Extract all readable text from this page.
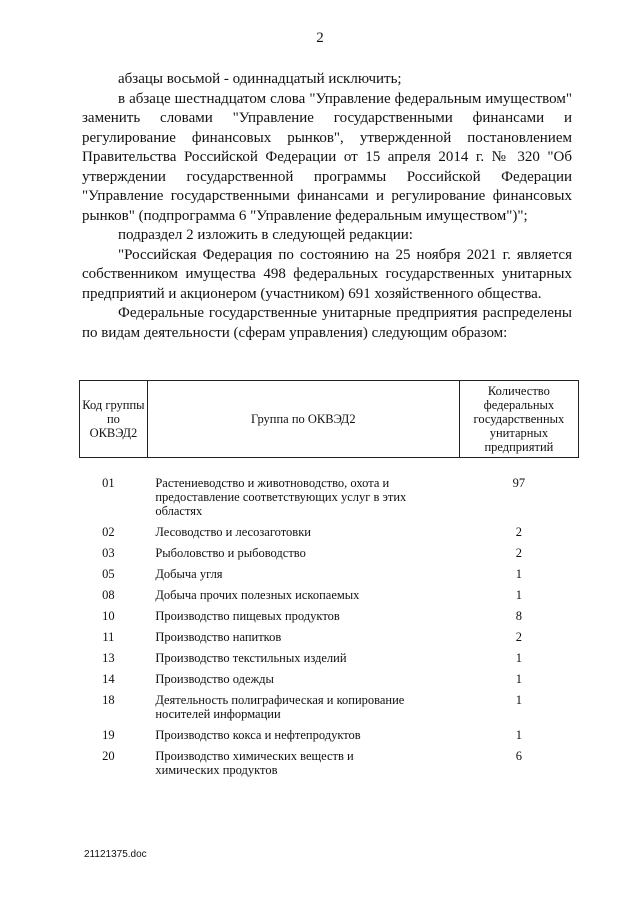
2

абзацы восьмой - одиннадцатый исключить;

в абзаце шестнадцатом слова "Управление федеральным имуществом" заменить словами "Управление государственными финансами и регулирование финансовых рынков", утвержденной постановлением Правительства Российской Федерации от 15 апреля 2014 г. № 320 "Об утверждении государственной программы Российской Федерации "Управление государственными финансами и регулирование финансовых рынков" (подпрограмма 6 "Управление федеральным имуществом")";

подраздел 2 изложить в следующей редакции:

"Российская Федерация по состоянию на 25 ноября 2021 г. является собственником имущества 498 федеральных государственных унитарных предприятий и акционером (участником) 691 хозяйственного общества.

Федеральные государственные унитарные предприятия распределены по видам деятельности (сферам управления) следующим образом:

Код группы по ОКВЭД2	Группа по ОКВЭД2	Количество федеральных государственных унитарных предприятий
01	Растениеводство и животноводство, охота и предоставление соответствующих услуг в этих областях	97
02	Лесоводство и лесозаготовки	2
03	Рыболовство и рыбоводство	2
05	Добыча угля	1
08	Добыча прочих полезных ископаемых	1
10	Производство пищевых продуктов	8
11	Производство напитков	2
13	Производство текстильных изделий	1
14	Производство одежды	1
18	Деятельность полиграфическая и копирование носителей информации	1
19	Производство кокса и нефтепродуктов	1
20	Производство химических веществ и химических продуктов	6
21121375.doc
